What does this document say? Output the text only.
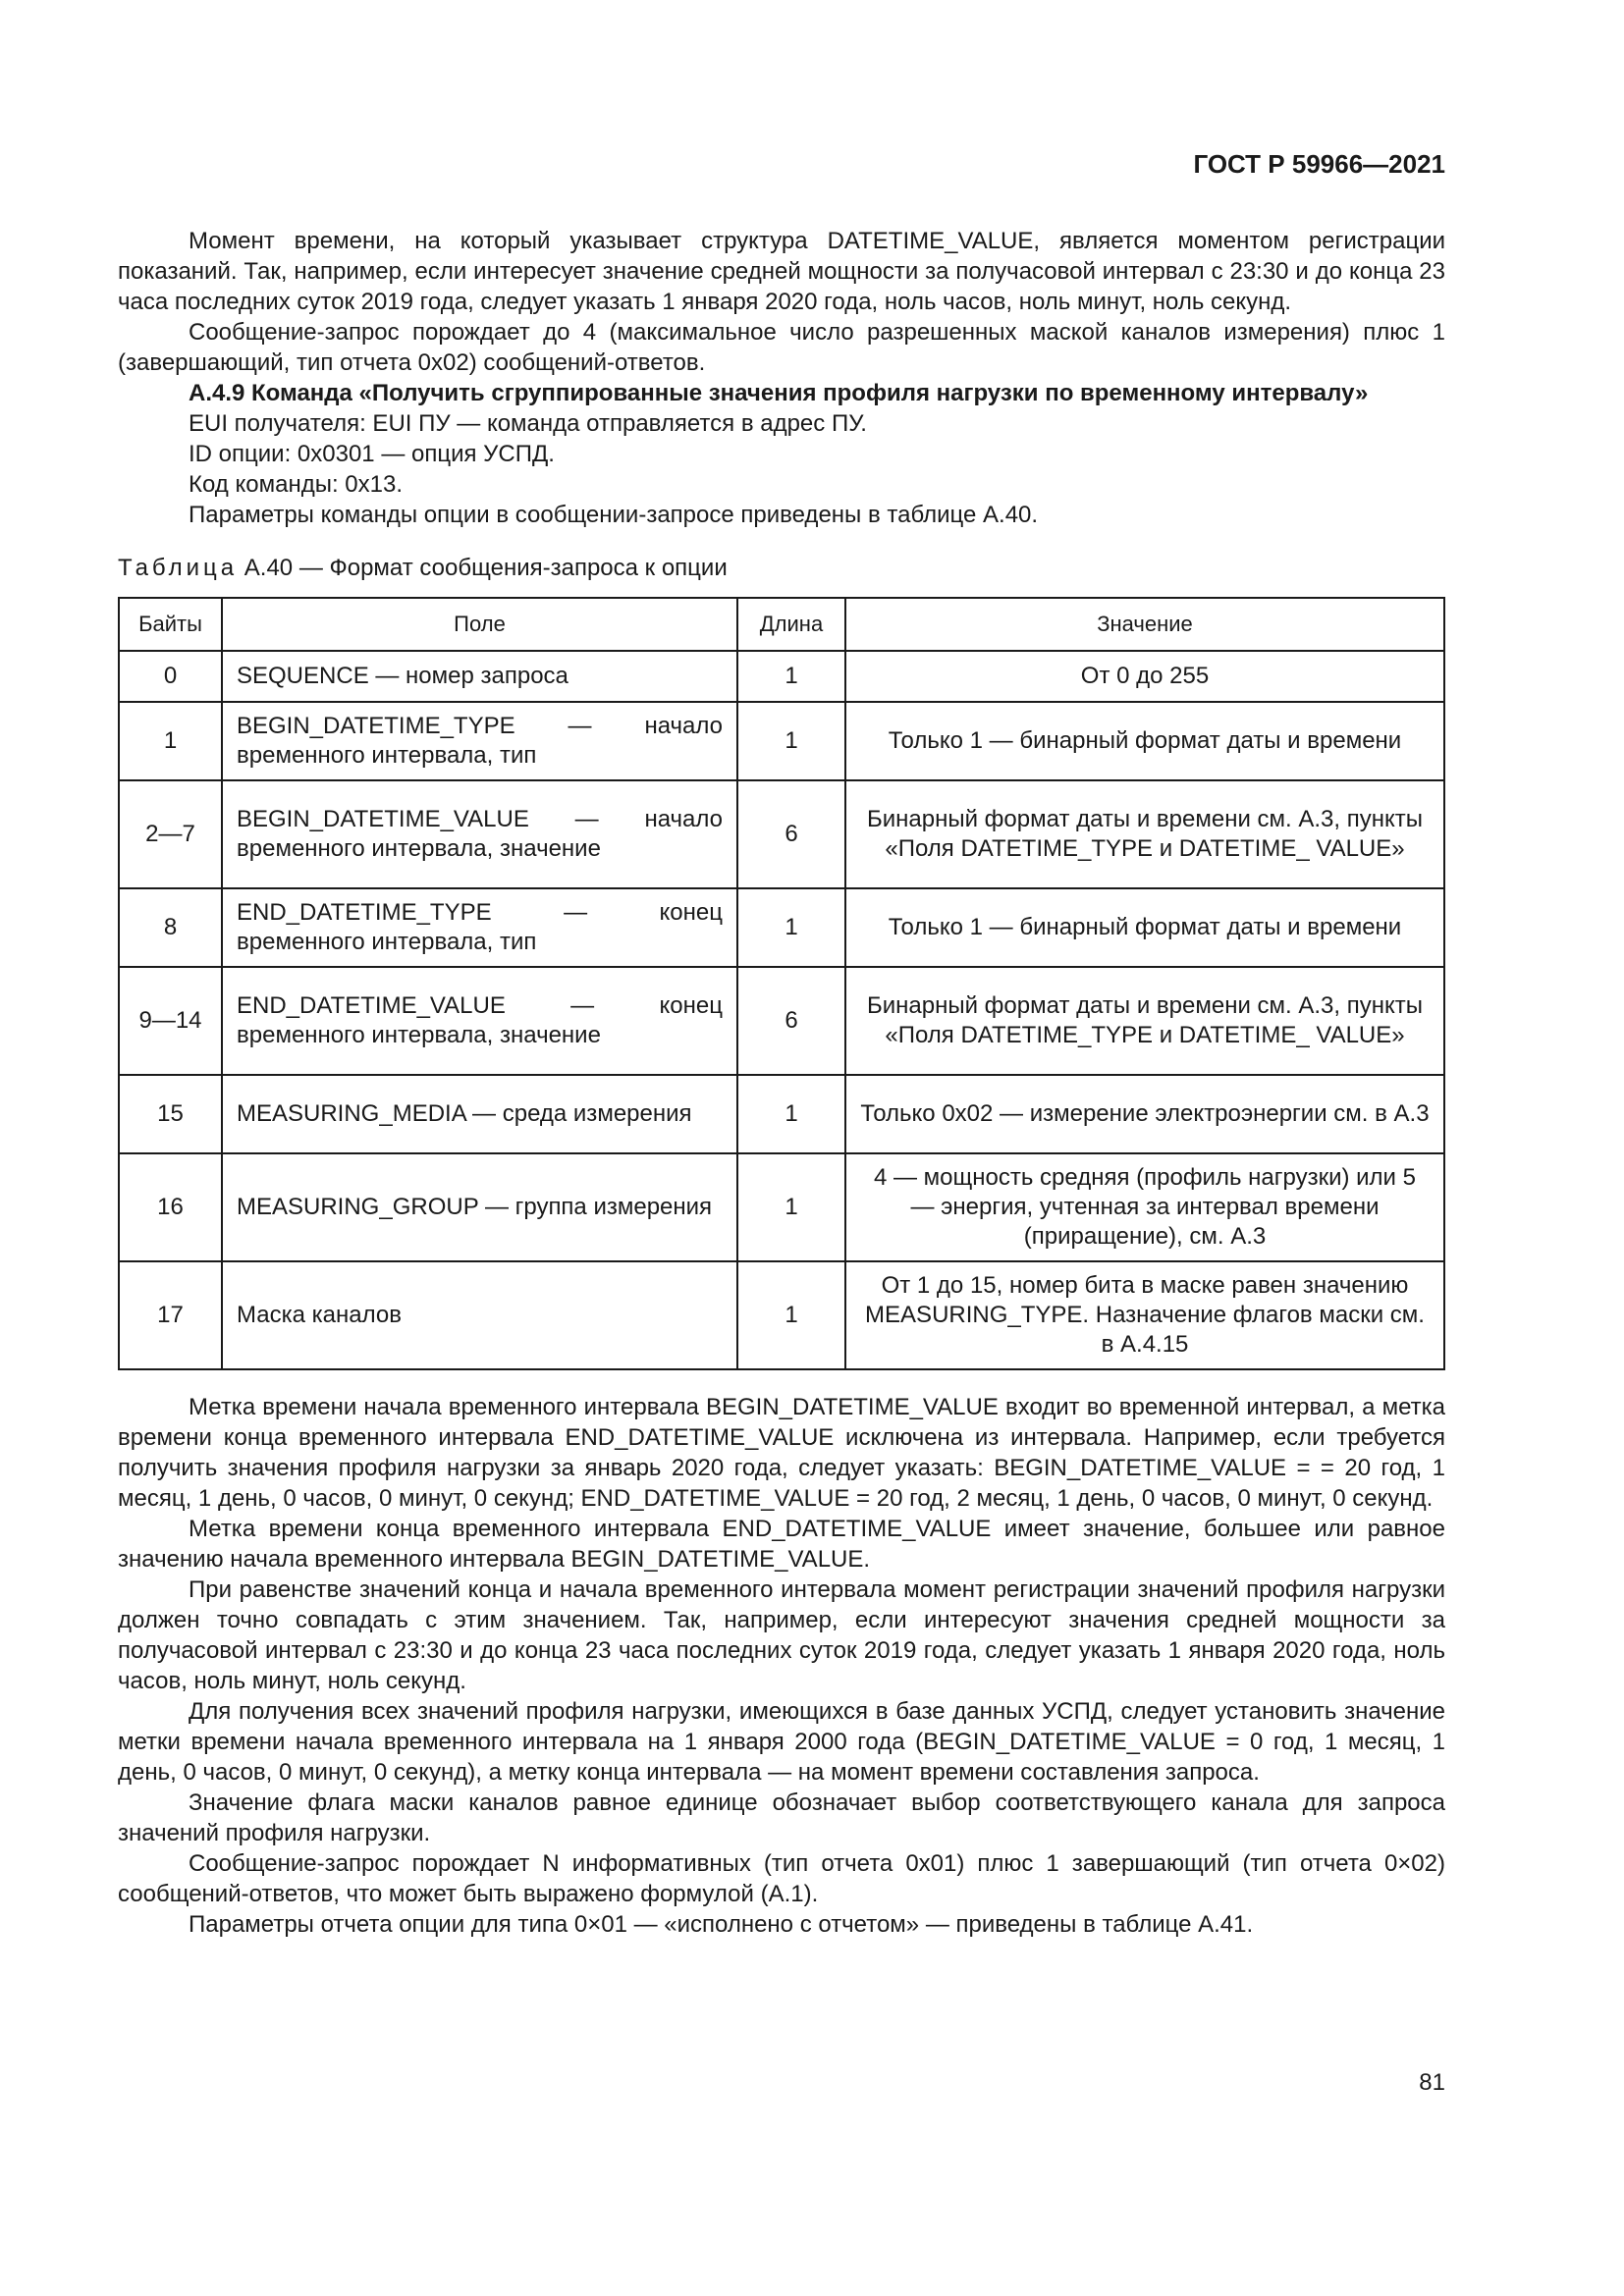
ГОСТ Р 59966—2021

Момент времени, на который указывает структура DATETIME_VALUE, является моментом регистрации показаний. Так, например, если интересует значение средней мощности за получасовой интервал с 23:30 и до конца 23 часа последних суток 2019 года, следует указать 1 января 2020 года, ноль часов, ноль минут, ноль секунд.

Сообщение-запрос порождает до 4 (максимальное число разрешенных маской каналов измерения) плюс 1 (завершающий, тип отчета 0x02) сообщений-ответов.

А.4.9 Команда «Получить сгруппированные значения профиля нагрузки по временному интервалу»

EUI получателя: EUI ПУ — команда отправляется в адрес ПУ.

ID опции: 0x0301 — опция УСПД.

Код команды: 0x13.

Параметры команды опции в сообщении-запросе приведены в таблице А.40.

Таблица А.40 — Формат сообщения-запроса к опции
Байты	Поле	Длина	Значение
0	SEQUENCE — номер запроса	1	От 0 до 255
1	BEGIN_DATETIME_TYPE — начало временного интервала, тип	1	Только 1 — бинарный формат даты и времени
2—7	BEGIN_DATETIME_VALUE — начало временного интервала, значение	6	Бинарный формат даты и времени см. А.3, пункты «Поля DATETIME_TYPE и DATETIME_ VALUE»
8	END_DATETIME_TYPE — конец временного интервала, тип	1	Только 1 — бинарный формат даты и времени
9—14	END_DATETIME_VALUE — конец временного интервала, значение	6	Бинарный формат даты и времени см. А.3, пункты «Поля DATETIME_TYPE и DATETIME_ VALUE»
15	MEASURING_MEDIA — среда измерения	1	Только 0x02 — измерение электроэнергии см. в А.3
16	MEASURING_GROUP — группа измерения	1	4 — мощность средняя (профиль нагрузки) или 5 — энергия, учтенная за интервал времени (приращение), см. А.3
17	Маска каналов	1	От 1 до 15, номер бита в маске равен значению MEASURING_TYPE. Назначение флагов маски см. в А.4.15

Метка времени начала временного интервала BEGIN_DATETIME_VALUE входит во временной интервал, а метка времени конца временного интервала END_DATETIME_VALUE исключена из интервала. Например, если требуется получить значения профиля нагрузки за январь 2020 года, следует указать: BEGIN_DATETIME_VALUE = = 20 год, 1 месяц, 1 день, 0 часов, 0 минут, 0 секунд; END_DATETIME_VALUE = 20 год, 2 месяц, 1 день, 0 часов, 0 минут, 0 секунд.

Метка времени конца временного интервала END_DATETIME_VALUE имеет значение, большее или равное значению начала временного интервала BEGIN_DATETIME_VALUE.

При равенстве значений конца и начала временного интервала момент регистрации значений профиля нагрузки должен точно совпадать с этим значением. Так, например, если интересуют значения средней мощности за получасовой интервал с 23:30 и до конца 23 часа последних суток 2019 года, следует указать 1 января 2020 года, ноль часов, ноль минут, ноль секунд.

Для получения всех значений профиля нагрузки, имеющихся в базе данных УСПД, следует установить значение метки времени начала временного интервала на 1 января 2000 года (BEGIN_DATETIME_VALUE = 0 год, 1 месяц, 1 день, 0 часов, 0 минут, 0 секунд), а метку конца интервала — на момент времени составления запроса.

Значение флага маски каналов равное единице обозначает выбор соответствующего канала для запроса значений профиля нагрузки.

Сообщение-запрос порождает N информативных (тип отчета 0x01) плюс 1 завершающий (тип отчета 0×02) сообщений-ответов, что может быть выражено формулой (А.1).

Параметры отчета опции для типа 0×01 — «исполнено с отчетом» — приведены в таблице А.41.

81
